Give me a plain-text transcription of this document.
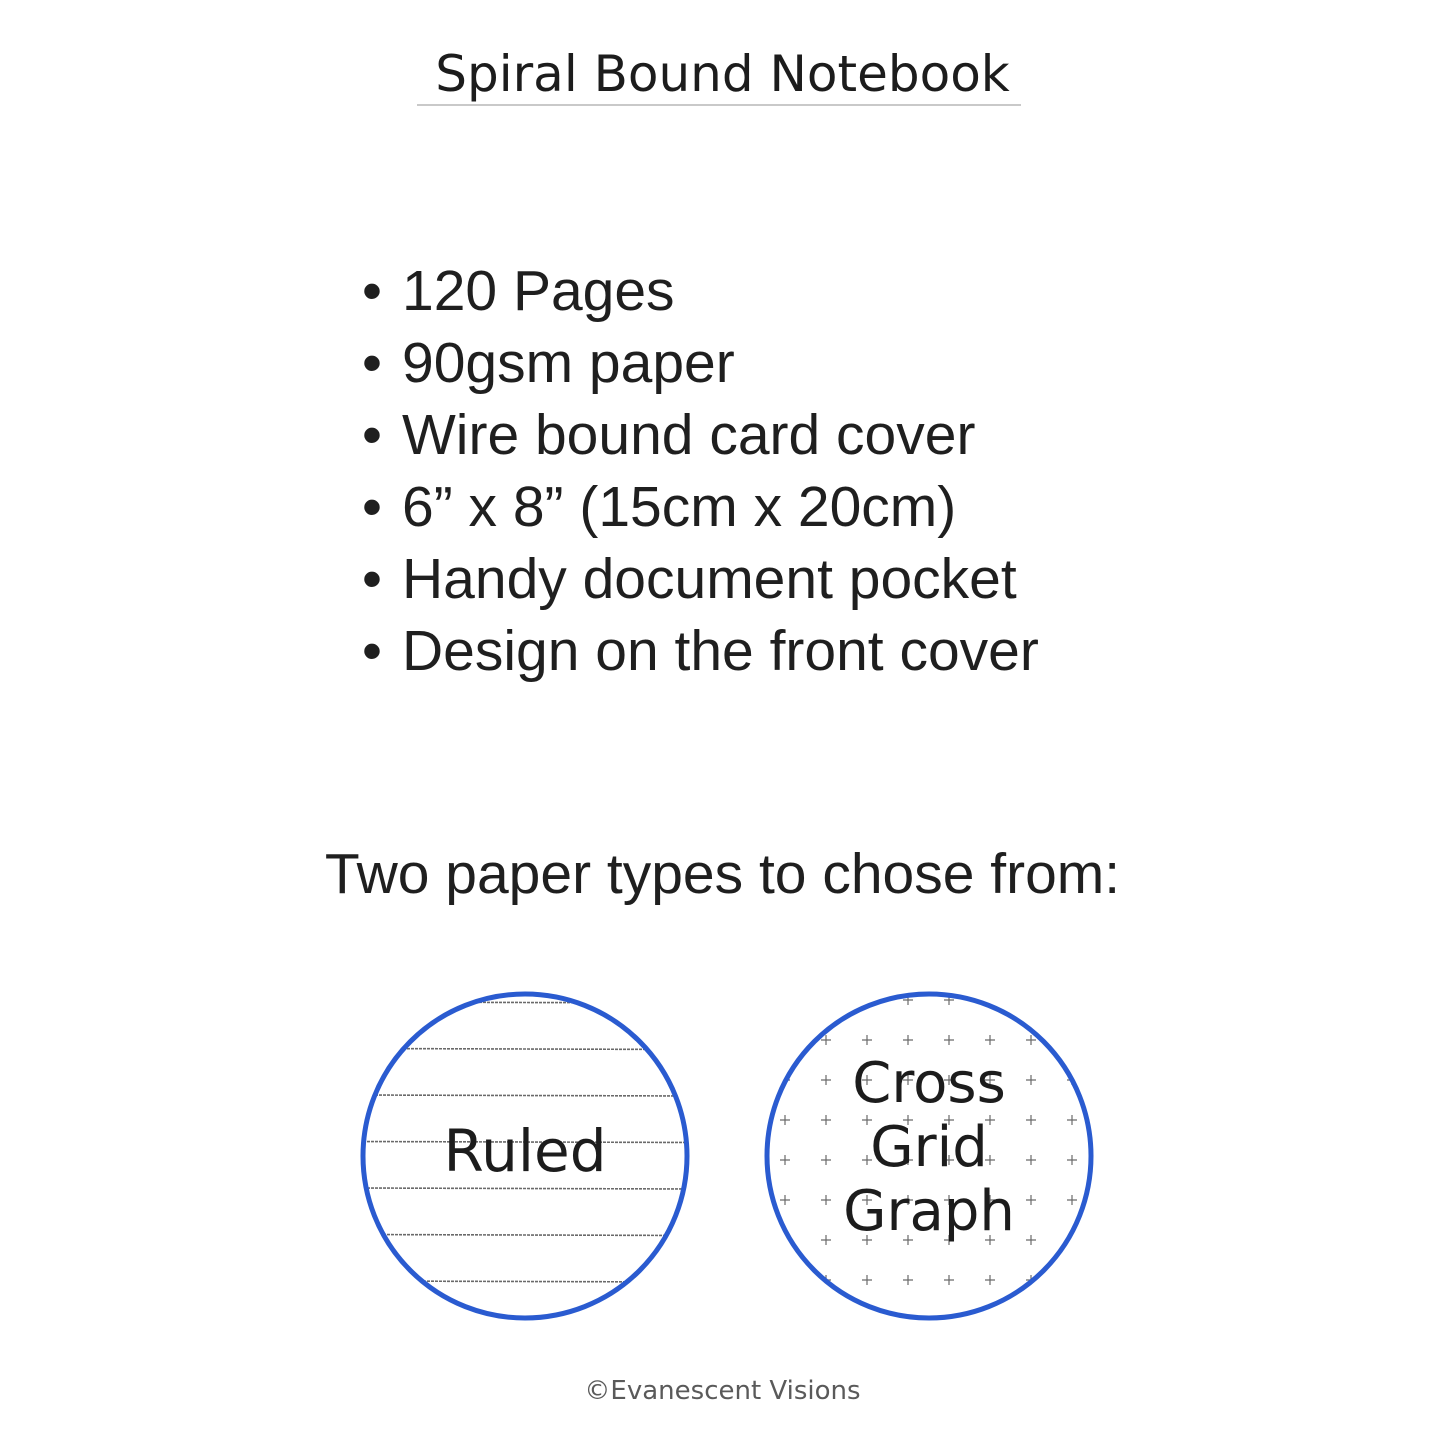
Spiral Bound Notebook
• 120 Pages
• 90gsm paper
• Wire bound card cover
• 6” x 8” (15cm x 20cm)
• Handy document pocket
• Design on the front cover
Two paper types to chose from:
Ruled
Cross
Grid
Graph
©Evanescent Visions
